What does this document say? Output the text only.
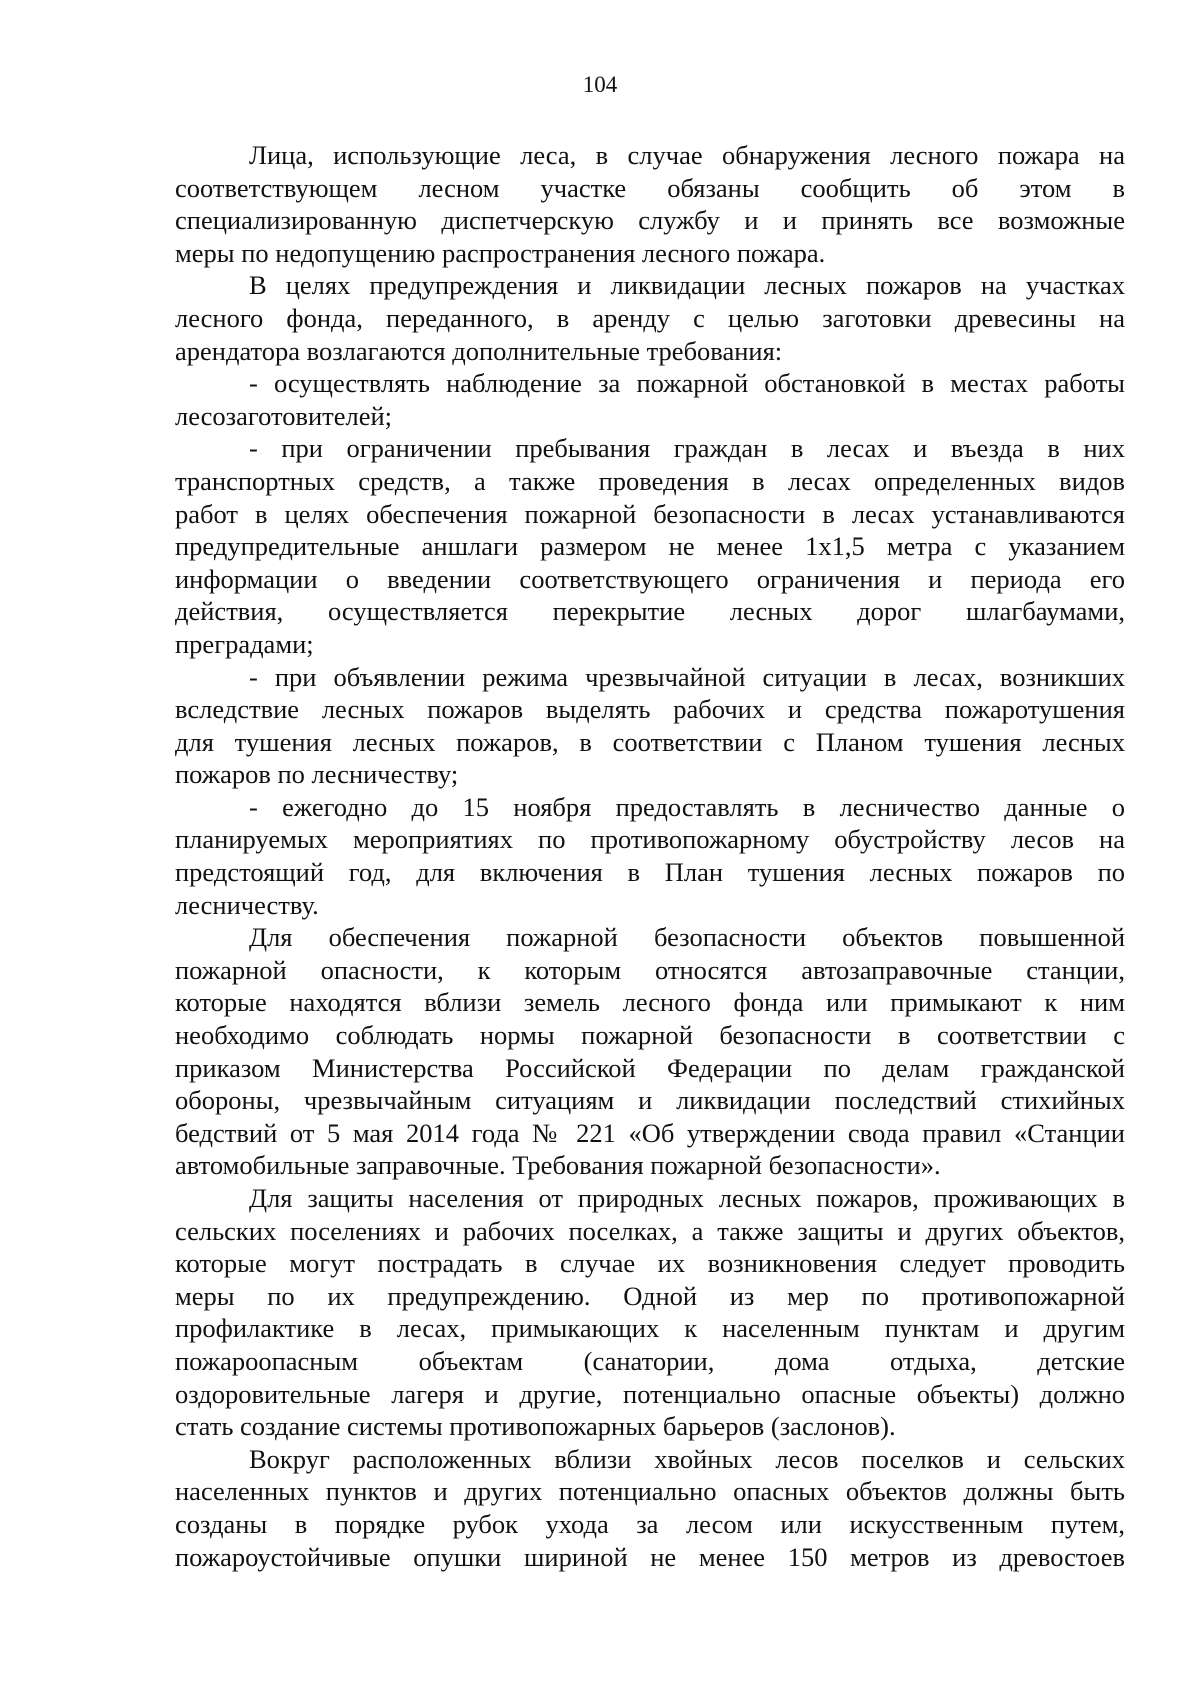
104
Лица, использующие леса, в случае обнаружения лесного пожара на
соответствующем лесном участке обязаны сообщить об этом в
специализированную диспетчерскую службу и и принять все возможные
меры по недопущению распространения лесного пожара.
В целях предупреждения и ликвидации лесных пожаров на участках
лесного фонда, переданного, в аренду с целью заготовки древесины на
арендатора возлагаются дополнительные требования:
- осуществлять наблюдение за пожарной обстановкой в местах работы
лесозаготовителей;
- при ограничении пребывания граждан в лесах и въезда в них
транспортных средств, а также проведения в лесах определенных видов
работ в целях обеспечения пожарной безопасности в лесах устанавливаются
предупредительные аншлаги размером не менее 1х1,5 метра с указанием
информации о введении соответствующего ограничения и периода его
действия, осуществляется перекрытие лесных дорог шлагбаумами,
преградами;
- при объявлении режима чрезвычайной ситуации в лесах, возникших
вследствие лесных пожаров выделять рабочих и средства пожаротушения
для тушения лесных пожаров, в соответствии с Планом тушения лесных
пожаров по лесничеству;
- ежегодно до 15 ноября предоставлять в лесничество данные о
планируемых мероприятиях по противопожарному обустройству лесов на
предстоящий год, для включения в План тушения лесных пожаров по
лесничеству.
Для обеспечения пожарной безопасности объектов повышенной
пожарной опасности, к которым относятся автозаправочные станции,
которые находятся вблизи земель лесного фонда или примыкают к ним
необходимо соблюдать нормы пожарной безопасности в соответствии с
приказом Министерства Российской Федерации по делам гражданской
обороны, чрезвычайным ситуациям и ликвидации последствий стихийных
бедствий от 5 мая 2014 года № 221 «Об утверждении свода правил «Станции
автомобильные заправочные. Требования пожарной безопасности».
Для защиты населения от природных лесных пожаров, проживающих в
сельских поселениях и рабочих поселках, а также защиты и других объектов,
которые могут пострадать в случае их возникновения следует проводить
меры по их предупреждению. Одной из мер по противопожарной
профилактике в лесах, примыкающих к населенным пунктам и другим
пожароопасным объектам (санатории, дома отдыха, детские
оздоровительные лагеря и другие, потенциально опасные объекты) должно
стать создание системы противопожарных барьеров (заслонов).
Вокруг расположенных вблизи хвойных лесов поселков и сельских
населенных пунктов и других потенциально опасных объектов должны быть
созданы в порядке рубок ухода за лесом или искусственным путем,
пожароустойчивые опушки шириной не менее 150 метров из древостоев
